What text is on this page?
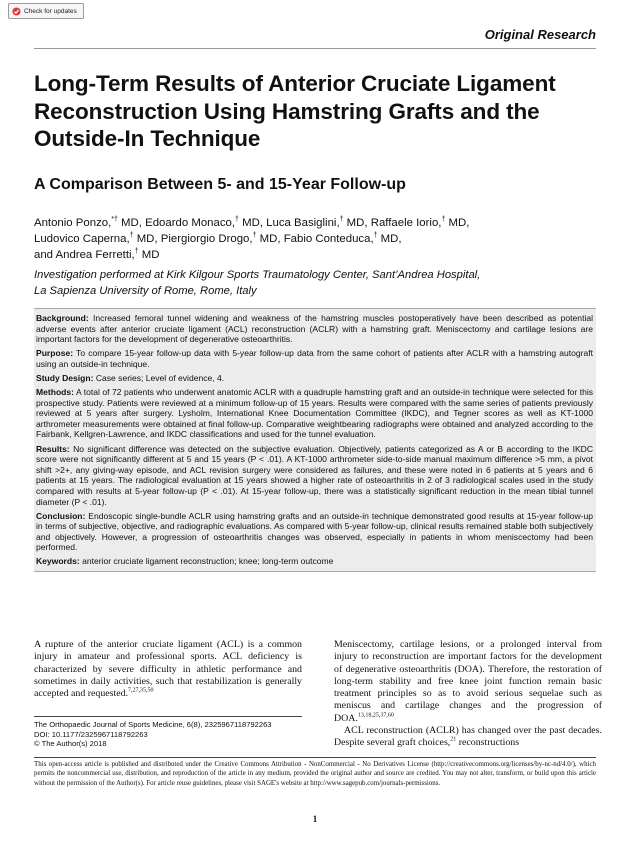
Check for updates
Original Research
Long-Term Results of Anterior Cruciate Ligament Reconstruction Using Hamstring Grafts and the Outside-In Technique
A Comparison Between 5- and 15-Year Follow-up

Antonio Ponzo,*† MD, Edoardo Monaco,† MD, Luca Basiglini,† MD, Raffaele Iorio,† MD,
Ludovico Caperna,† MD, Piergiorgio Drogo,† MD, Fabio Conteduca,† MD,
and Andrea Ferretti,† MD

Investigation performed at Kirk Kilgour Sports Traumatology Center, Sant’Andrea Hospital,
La Sapienza University of Rome, Rome, Italy

Background: Increased femoral tunnel widening and weakness of the hamstring muscles postoperatively have been described as potential adverse events after anterior cruciate ligament (ACL) reconstruction (ACLR) with a hamstring graft. Meniscectomy and cartilage lesions are important factors for the development of degenerative osteoarthritis.

Purpose: To compare 15-year follow-up data with 5-year follow-up data from the same cohort of patients after ACLR with a hamstring autograft using an outside-in technique.

Study Design: Case series; Level of evidence, 4.

Methods: A total of 72 patients who underwent anatomic ACLR with a quadruple hamstring graft and an outside-in technique were selected for this prospective study. Patients were reviewed at a minimum follow-up of 15 years. Results were compared with the same series of patients previously reviewed at 5 years after surgery. Lysholm, International Knee Documentation Committee (IKDC), and Tegner scores as well as KT-1000 arthrometer measurements were obtained at final follow-up. Comparative weightbearing radiographs were obtained and analyzed according to the Fairbank, Kellgren-Lawrence, and IKDC classifications and used for the tunnel evaluation.

Results: No significant difference was detected on the subjective evaluation. Objectively, patients categorized as A or B according to the IKDC score were not significantly different at 5 and 15 years (P < .01). A KT-1000 arthrometer side-to-side manual maximum difference >5 mm, a pivot shift >2+, any giving-way episode, and ACL revision surgery were considered as failures, and these were noted in 6 patients at 5 years and 6 patients at 15 years. The radiological evaluation at 15 years showed a higher rate of osteoarthritis in 2 of 3 radiological scales used in the study compared with results at 5-year follow-up (P < .01). At 15-year follow-up, there was a statistically significant reduction in the mean tibial tunnel diameter (P < .01).

Conclusion: Endoscopic single-bundle ACLR using hamstring grafts and an outside-in technique demonstrated good results at 15-year follow-up in terms of subjective, objective, and radiographic evaluations. As compared with 5-year follow-up, clinical results remained stable both subjectively and objectively. However, a progression of osteoarthritis changes was observed, especially in patients in whom meniscectomy had been performed.

Keywords: anterior cruciate ligament reconstruction; knee; long-term outcome

A rupture of the anterior cruciate ligament (ACL) is a common injury in amateur and professional sports. ACL deficiency is characterized by severe difficulty in athletic performance and sometimes in daily activities, such that restabilization is generally accepted and requested.$^{7,27,35,50}$

Meniscectomy, cartilage lesions, or a prolonged interval from injury to reconstruction are important factors for the development of degenerative osteoarthritis (DOA). Therefore, the restoration of long-term stability and free knee joint function remain basic treatment principles so as to avoid serious sequelae such as meniscus and cartilage changes and the progression of DOA.$^{13,18,25,37,60}$
ACL reconstruction (ACLR) has changed over the past decades. Despite several graft choices,$^{21}$ reconstructions
The Orthopaedic Journal of Sports Medicine, 6(8), 2325967118792263
DOI: 10.1177/2325967118792263
© The Author(s) 2018
This open-access article is published and distributed under the Creative Commons Attribution - NonCommercial - No Derivatives License (http://creativecommons.org/licenses/by-nc-nd/4.0/), which permits the noncommercial use, distribution, and reproduction of the article in any medium, provided the original author and source are credited. You may not alter, transform, or build upon this article without the permission of the Author(s). For article reuse guidelines, please visit SAGE's website at http://www.sagepub.com/journals-permissions.
1
